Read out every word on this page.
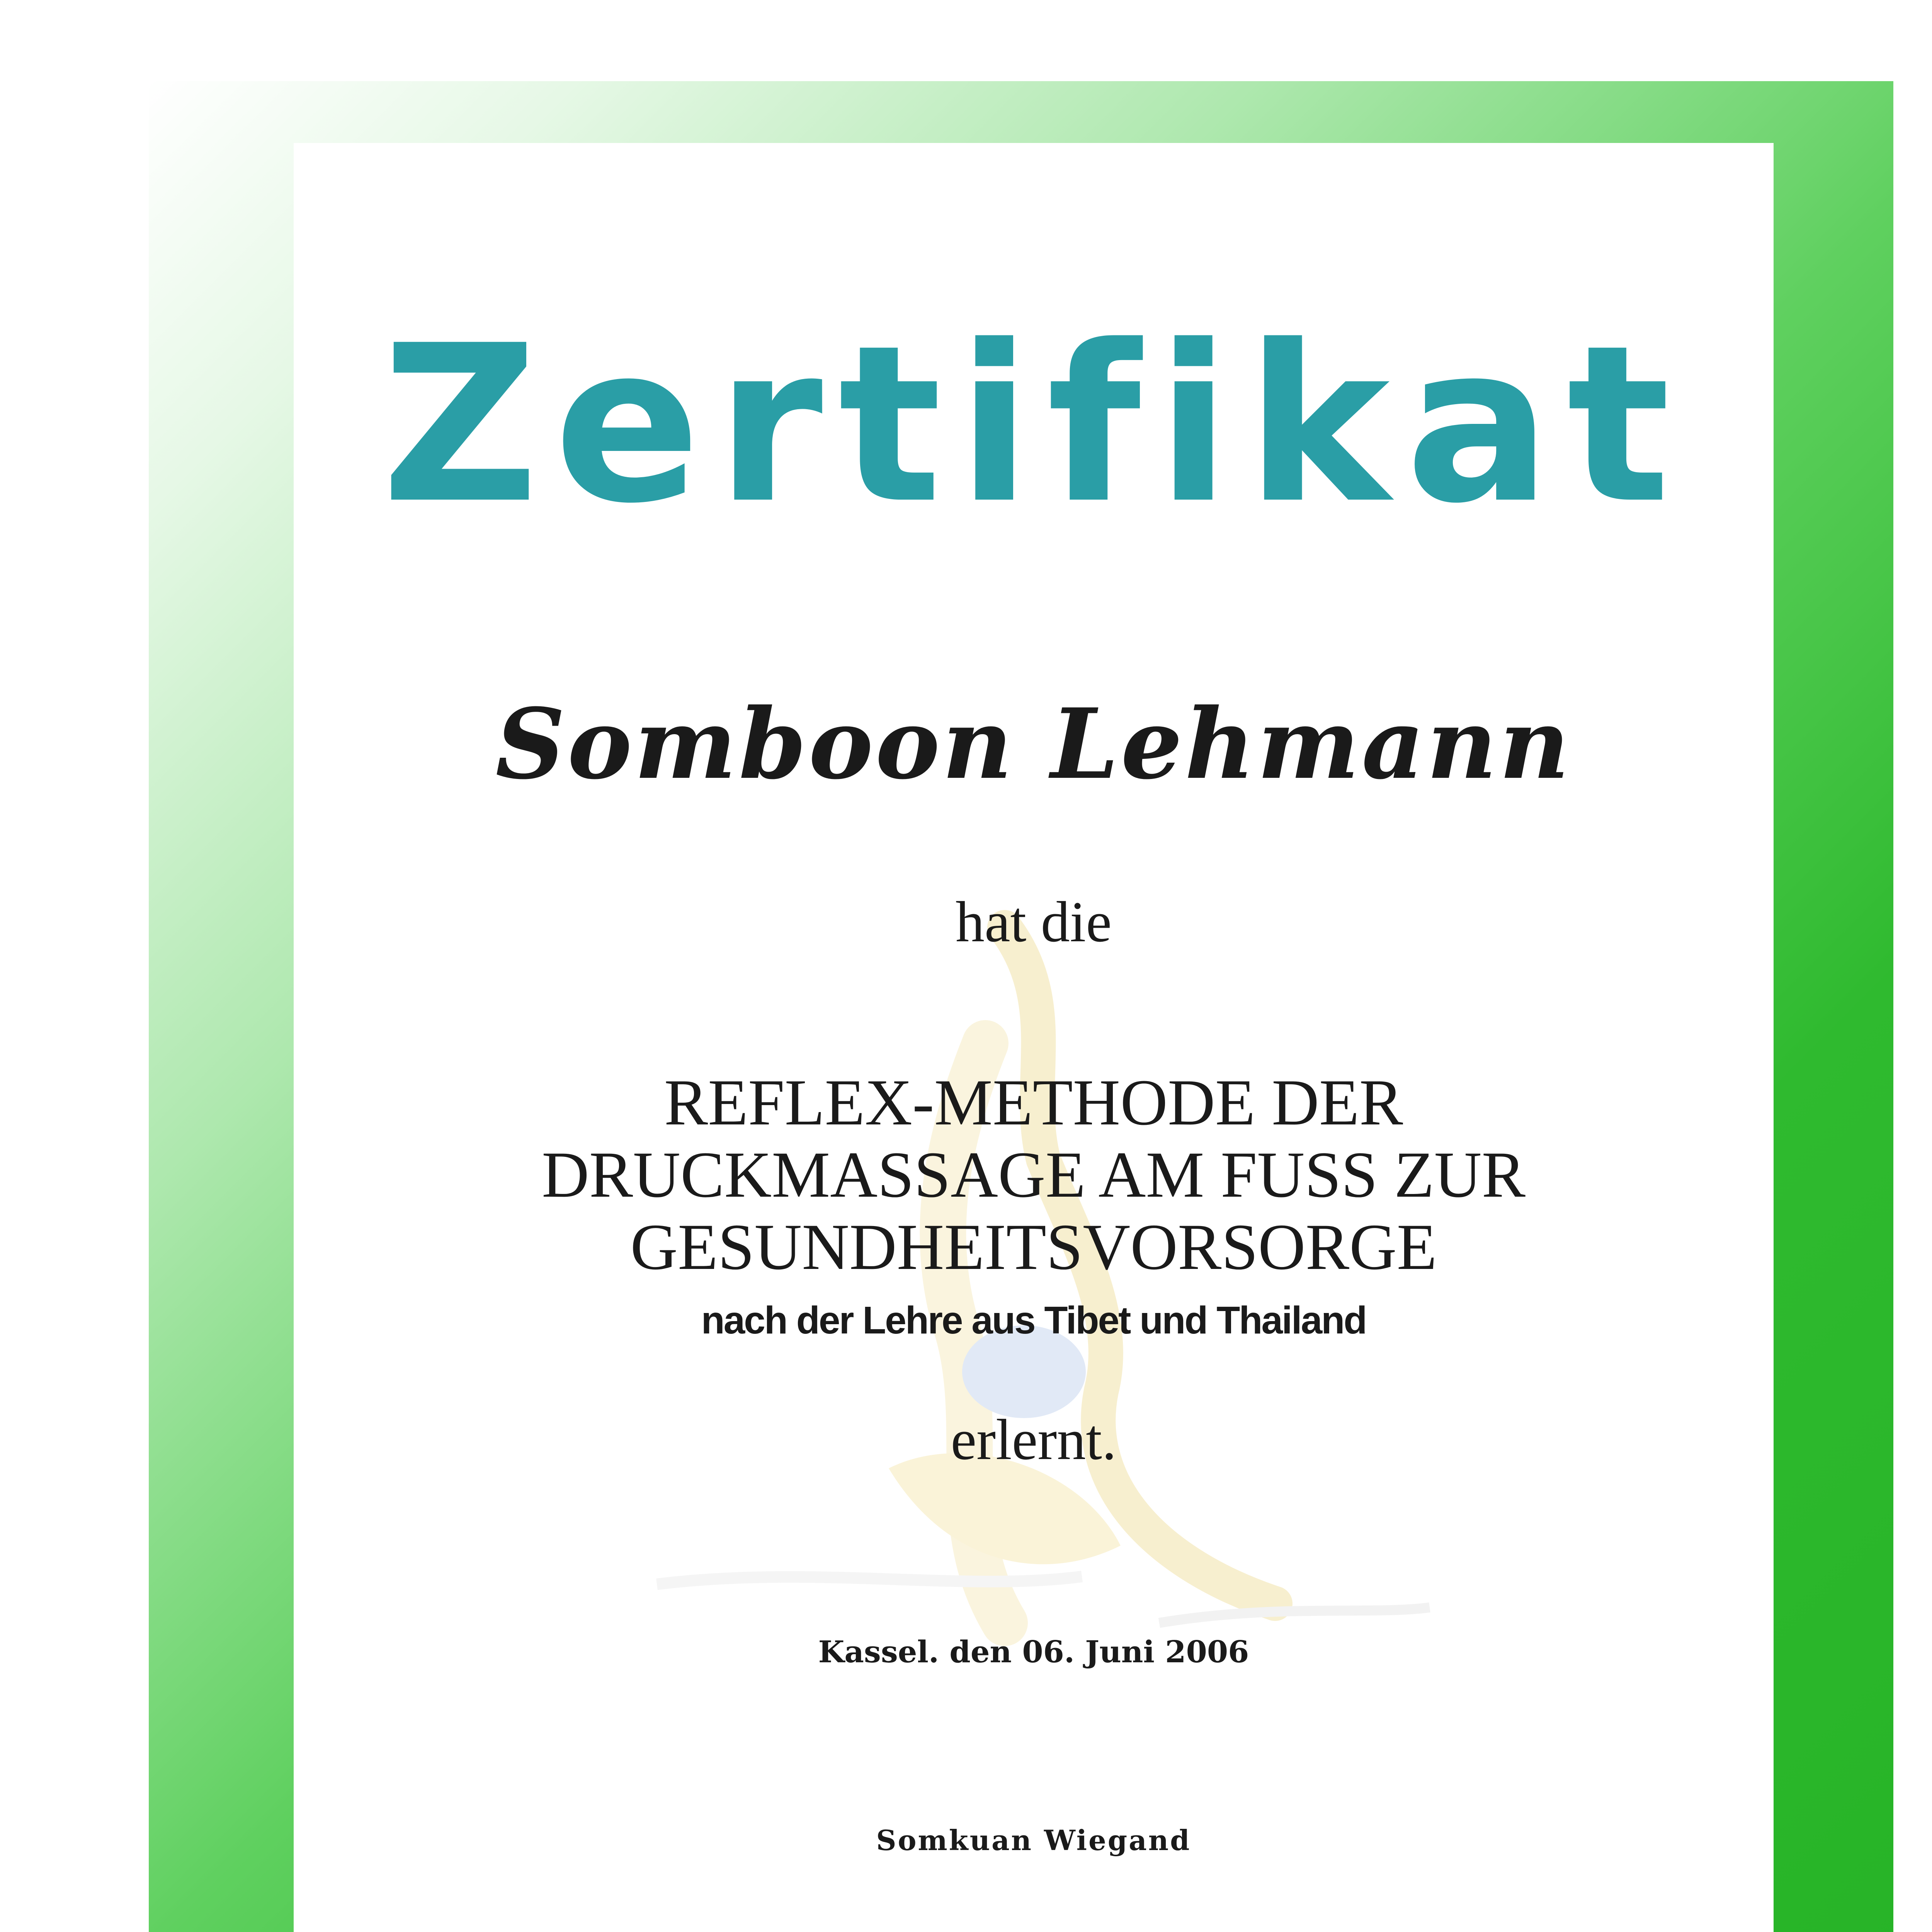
Zertifikat

Somboon Lehmann

hat die

REFLEX-METHODE DER
DRUCKMASSAGE AM FUSS ZUR
GESUNDHEITSVORSORGE

nach der Lehre aus Tibet und Thailand

erlernt.

Kassel. den 06. Juni 2006

Somkuan Wiegand
